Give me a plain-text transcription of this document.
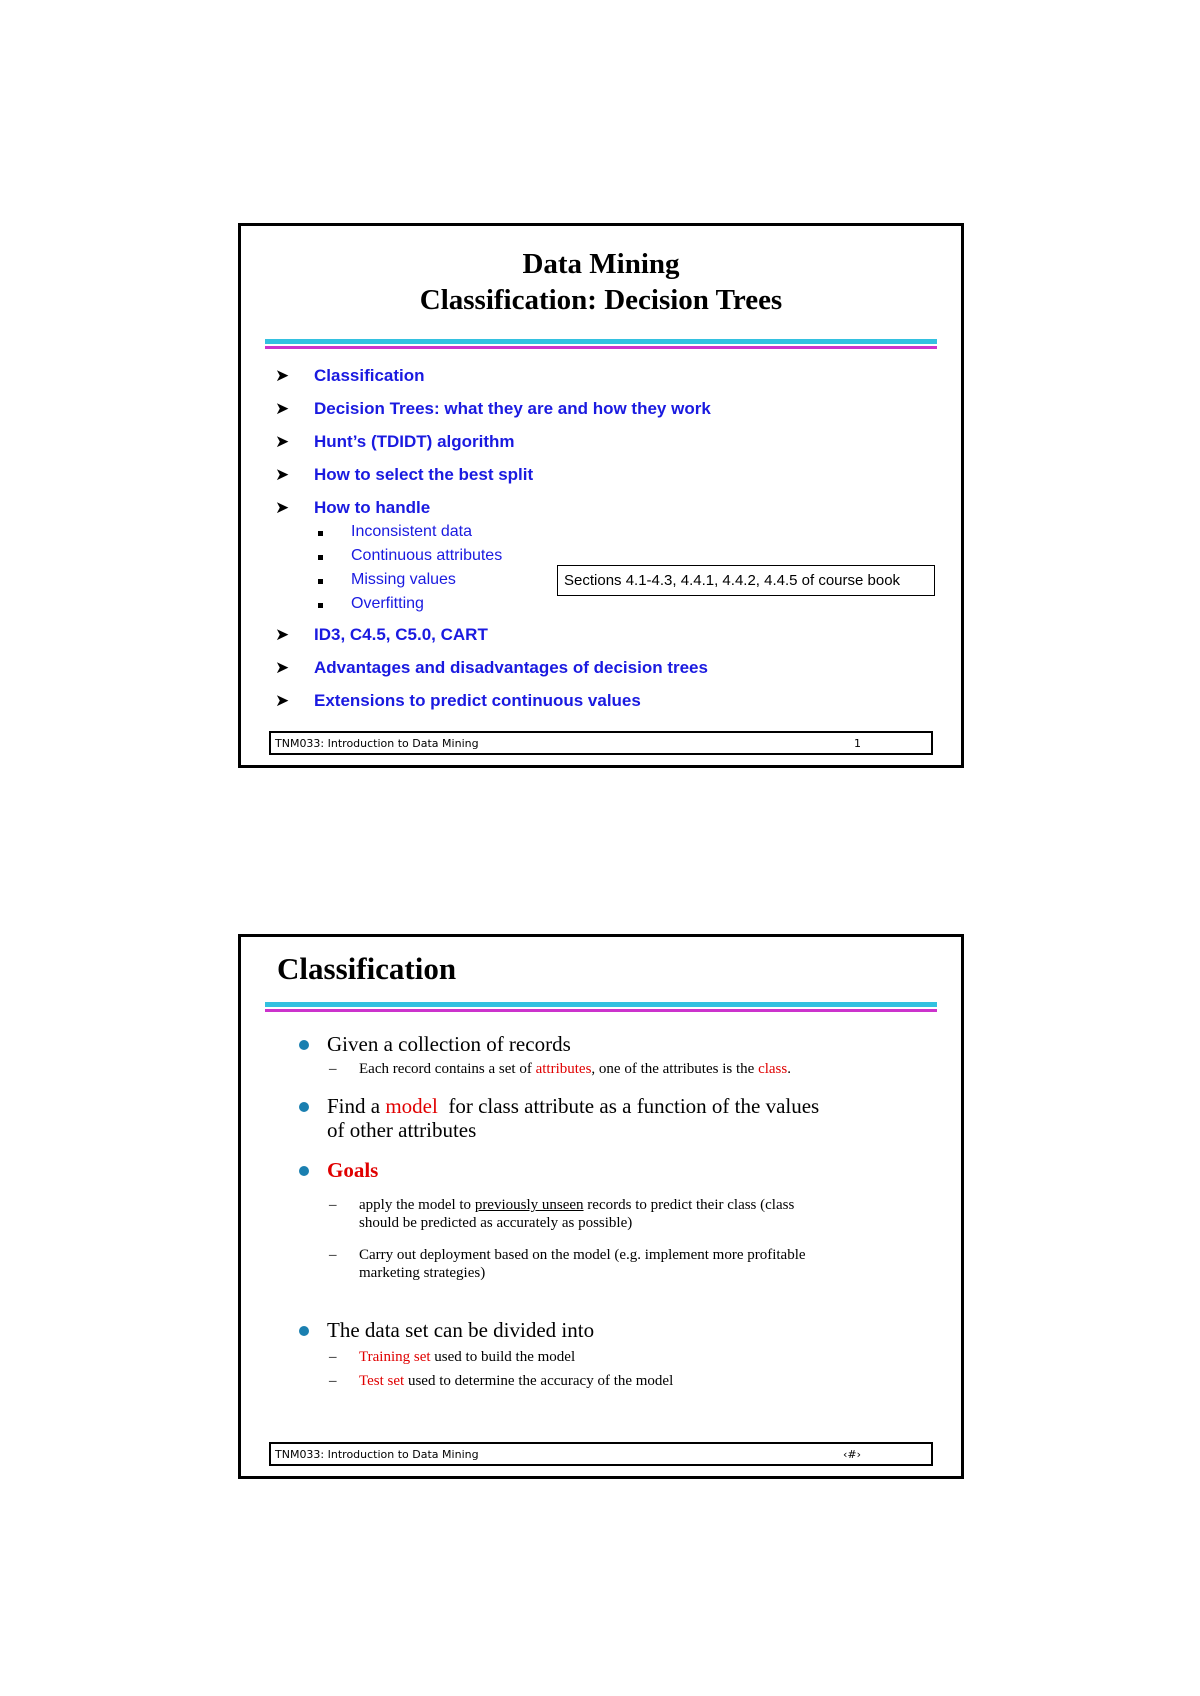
Data Mining
Classification: Decision Trees
➤ Classification
➤ Decision Trees: what they are and how they work
➤ Hunt’s (TDIDT) algorithm
➤ How to select the best split
➤ How to handle
Inconsistent data
Continuous attributes
Missing values
Overfitting
➤ ID3, C4.5, C5.0, CART
➤ Advantages and disadvantages of decision trees
➤ Extensions to predict continuous values
Sections 4.1-4.3, 4.4.1, 4.4.2, 4.4.5 of course book
TNM033: Introduction to Data Mining	1
Classification
Given a collection of records
– Each record contains a set of attributes, one of the attributes is the class.
Find a model  for class attribute as a function of the values
of other attributes
Goals
– apply the model to previously unseen records to predict their class (class
should be predicted as accurately as possible)
– Carry out deployment based on the model (e.g. implement more profitable
marketing strategies)
The data set can be divided into
– Training set used to build the model
– Test set used to determine the accuracy of the model
TNM033: Introduction to Data Mining	‹#›
